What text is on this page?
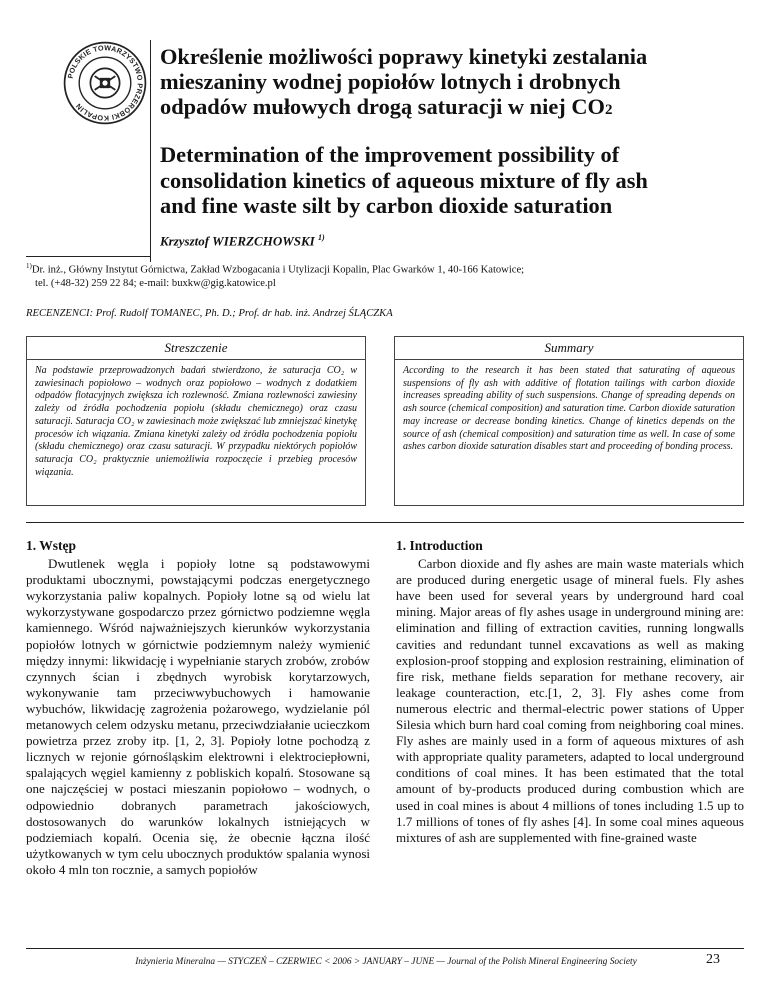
POLSKIE TOWARZYSTWO PRZERÓBKI KOPALIN
Określenie możliwości poprawy kinetyki zestalania
mieszaniny wodnej popiołów lotnych i drobnych
odpadów mułowych drogą saturacji w niej CO2
Determination of the improvement possibility of
consolidation kinetics of aqueous mixture of fly ash
and fine waste silt by carbon dioxide saturation
Krzysztof WIERZCHOWSKI $^{1)}$
$^{1)}$Dr. inż., Główny Instytut Górnictwa, Zakład Wzbogacania i Utylizacji Kopalin, Plac Gwarków 1, 40-166 Katowice;
tel. (+48-32) 259 22 84; e-mail: buxkw@gig.katowice.pl
RECENZENCI: Prof. Rudolf TOMANEC, Ph. D.; Prof. dr hab. inż. Andrzej ŚLĄCZKA
Streszczenie
Na podstawie przeprowadzonych badań stwierdzono, że saturacja CO₂ w zawiesinach popiołowo – wodnych oraz popiołowo – wodnych z dodatkiem odpadów flotacyjnych zwiększa ich rozlewność. Zmiana rozlewności zawiesiny zależy od źródła pochodzenia popiołu (składu chemicznego) oraz czasu saturacji. Saturacja CO₂ w zawiesinach może zwiększać lub zmniejszać kinetykę procesów ich wiązania. Zmiana kinetyki zależy od źródła pochodzenia popiołu (składu chemicznego) oraz czasu saturacji. W przypadku niektórych popiołów saturacja CO₂ praktycznie uniemożliwia rozpoczęcie i przebieg procesów wiązania.
Summary
According to the research it has been stated that saturating of aqueous suspensions of fly ash with additive of flotation tailings with carbon dioxide increases spreading ability of such suspensions. Change of spreading depends on ash source (chemical composition) and saturation time. Carbon dioxide saturation may increase or decrease bonding kinetics. Change of kinetics depends on the source of ash (chemical composition) and saturation time as well. In case of some ashes carbon dioxide saturation disables start and proceeding of bonding process.
1. Wstęp

Dwutlenek węgla i popioły lotne są podstawowymi produktami ubocznymi, powstającymi podczas energetycznego wykorzystania paliw kopalnych. Popioły lotne są od wielu lat wykorzystywane gospodarczo przez górnictwo podziemne węgla kamiennego. Wśród najważniejszych kierunków wykorzystania popiołów lotnych w górnictwie podziemnym należy wymienić między innymi: likwidację i wypełnianie starych zrobów, zrobów czynnych ścian i zbędnych wyrobisk korytarzowych, wykonywanie tam przeciwwybuchowych i hamowanie wybuchów, likwidację zagrożenia pożarowego, wydzielanie pól metanowych celem odzysku metanu, przeciwdziałanie ucieczkom powietrza przez zroby itp. [1, 2, 3]. Popioły lotne pochodzą z licznych w rejonie górnośląskim elektrowni i elektrociepłowni, spalających węgiel kamienny z pobliskich kopalń. Stosowane są one najczęściej w postaci mieszanin popiołowo – wodnych, o odpowiednio dobranych parametrach jakościowych, dostosowanych do warunków lokalnych istniejących w podziemiach kopalń. Ocenia się, że obecnie łączna ilość użytkowanych w tym celu ubocznych produktów spalania wynosi około 4 mln ton rocznie, a samych popiołów

1. Introduction

Carbon dioxide and fly ashes are main waste materials which are produced during energetic usage of mineral fuels. Fly ashes have been used for several years by underground hard coal mining. Major areas of fly ashes usage in underground mining are: elimination and filling of extraction cavities, running longwalls cavities and redundant tunnel excavations as well as making explosion-proof stopping and explosion restraining, elimination of fire risk, methane fields separation for methane recovery, air leakage counteraction, etc.[1, 2, 3]. Fly ashes come from numerous electric and thermal-electric power stations of Upper Silesia which burn hard coal coming from neighboring coal mines. Fly ashes are mainly used in a form of aqueous mixtures of ash with appropriate quality parameters, adapted to local underground conditions of coal mines. It has been estimated that the total amount of by-products produced during combustion which are used in coal mines is about 4 millions of tones including 1.5 up to 1.7 millions of tones of fly ashes [4]. In some coal mines aqueous mixtures of ash are supplemented with fine-grained waste

Inżynieria Mineralna — STYCZEŃ – CZERWIEC < 2006 > JANUARY – JUNE — Journal of the Polish Mineral Engineering Society	23
